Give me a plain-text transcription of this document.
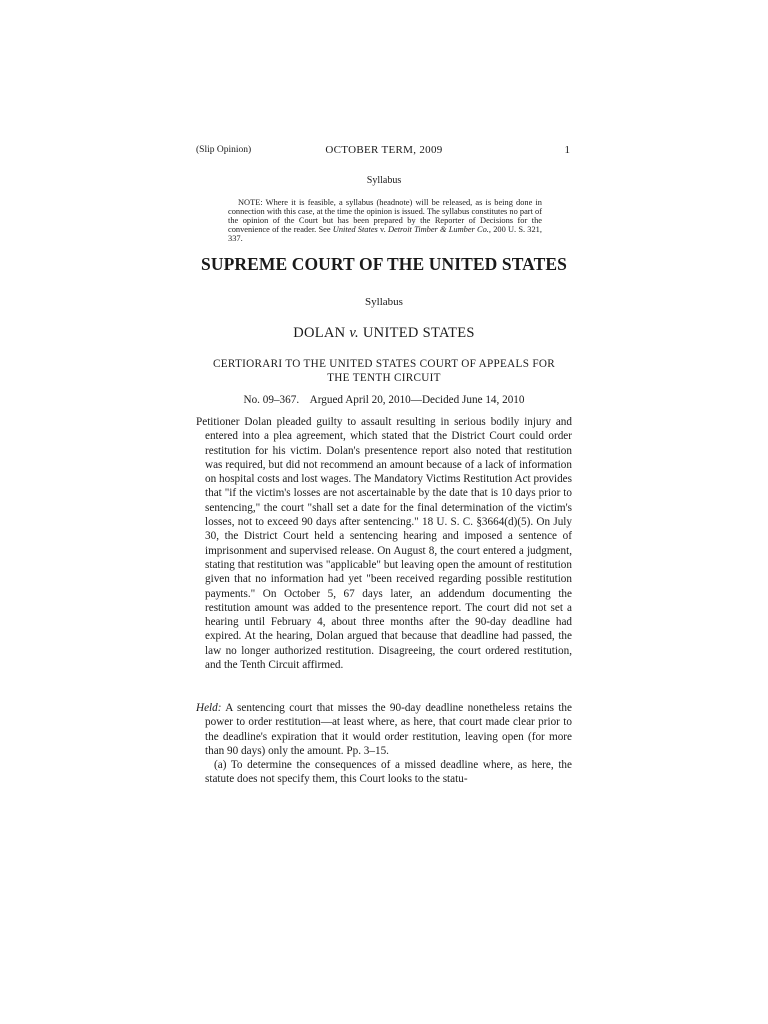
(Slip Opinion)	OCTOBER TERM, 2009	1
Syllabus
NOTE: Where it is feasible, a syllabus (headnote) will be released, as is being done in connection with this case, at the time the opinion is issued. The syllabus constitutes no part of the opinion of the Court but has been prepared by the Reporter of Decisions for the convenience of the reader. See United States v. Detroit Timber & Lumber Co., 200 U. S. 321, 337.
SUPREME COURT OF THE UNITED STATES
Syllabus
DOLAN v. UNITED STATES
CERTIORARI TO THE UNITED STATES COURT OF APPEALS FOR
THE TENTH CIRCUIT
No. 09–367.    Argued April 20, 2010—Decided June 14, 2010

Petitioner Dolan pleaded guilty to assault resulting in serious bodily injury and entered into a plea agreement, which stated that the District Court could order restitution for his victim. Dolan's presentence report also noted that restitution was required, but did not recommend an amount because of a lack of information on hospital costs and lost wages. The Mandatory Victims Restitution Act provides that "if the victim's losses are not ascertainable by the date that is 10 days prior to sentencing," the court "shall set a date for the final determination of the victim's losses, not to exceed 90 days after sentencing." 18 U. S. C. §3664(d)(5). On July 30, the District Court held a sentencing hearing and imposed a sentence of imprisonment and supervised release. On August 8, the court entered a judgment, stating that restitution was "applicable" but leaving open the amount of restitution given that no information had yet "been received regarding possible restitution payments." On October 5, 67 days later, an addendum documenting the restitution amount was added to the presentence report. The court did not set a hearing until February 4, about three months after the 90-day deadline had expired. At the hearing, Dolan argued that because that deadline had passed, the law no longer authorized restitution. Disagreeing, the court ordered restitution, and the Tenth Circuit affirmed.

Held: A sentencing court that misses the 90-day deadline nonetheless retains the power to order restitution—at least where, as here, that court made clear prior to the deadline's expiration that it would order restitution, leaving open (for more than 90 days) only the amount. Pp. 3–15.

(a) To determine the consequences of a missed deadline where, as here, the statute does not specify them, this Court looks to the statu-
